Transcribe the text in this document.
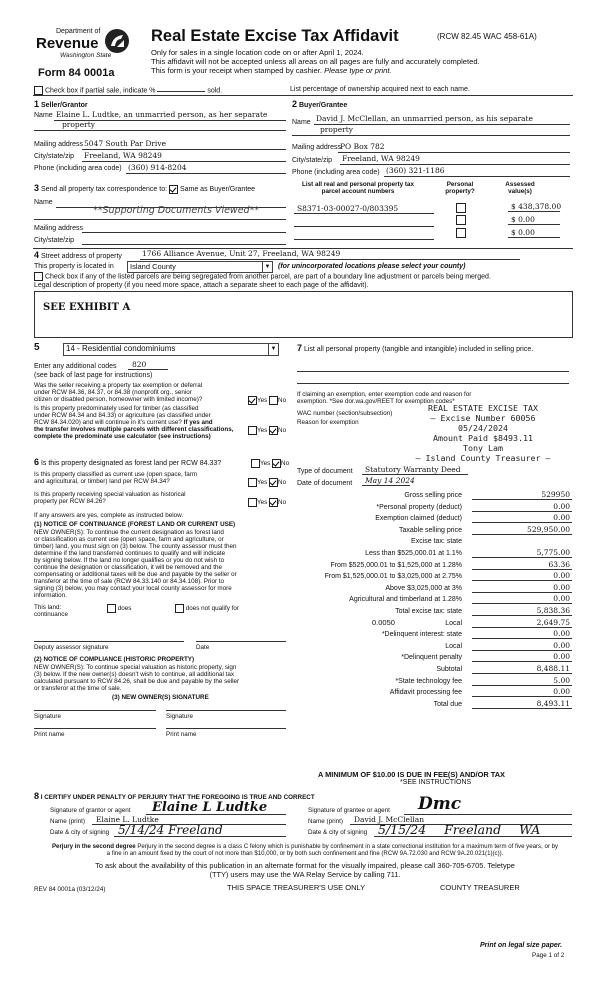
Department of
Revenue
Washington State
Form 84 0001a
Real Estate Excise Tax Affidavit	(RCW 82.45 WAC 458-61A)
Only for sales in a single location code on or after April 1, 2024.
This affidavit will not be accepted unless all areas on all pages are fully and accurately completed.
This form is your receipt when stamped by cashier. Please type or print.
Check box if partial sale, indicate %	sold.	List percentage of ownership acquired next to each name.
1 Seller/Grantor
Name Elaine L. Ludtke, an unmarried person, as her separate
property
Mailing address 5047 South Par Drive
City/state/zip Freeland, WA 98249
Phone (including area code) (360) 914-8204
2 Buyer/Grantee
Name David J. McClellan, an unmarried person, as his separate
property
Mailing address
PO Box 782
City/state/zip Freeland, WA 98249
Phone (including area code) (360) 321-1186
3 Send all property tax correspondence to: Same as Buyer/Grantee
Name
**Supporting Documents Viewed**
Mailing address
City/state/zip
List all real and personal property tax
parcel account numbers
Personal
property?
Assessed
value(s)
S8371-03-00027-0/803395	$ 438,378.00
$ 0.00
$ 0.00
4 Street address of property	1766 Alliance Avenue, Unit 27, Freeland, WA 98249
This property is located in	Island County	▼ (for unincorporated locations please select your county)
Check box if any of the listed parcels are being segregated from another parcel, are part of a boundary line adjustment or parcels being merged.
Legal description of property (if you need more space, attach a separate sheet to each page of the affidavit).
SEE EXHIBIT A
5	14 - Residential condominiums	▼
Enter any additional codes 820
(see back of last page for instructions)
Was the seller receiving a property tax exemption or deferral
under RCW 84.36, 84.37, or 84.38 (nonprofit org., senior
citizen or disabled person, homeowner with limited income)?	Yes No
Is this property predominately used for timber (as classified
under RCW 84.34 and 84.33) or agriculture (as classified under
RCW 84.34.020) and will continue in it's current use? If yes and
the transfer involves multiple parcels with different classifications,
complete the predominate use calculator (see instructions)
Yes No
6 Is this property designated as forest land per RCW 84.33?	Yes No
Is this property classified as current use (open space, farm
and agricultural, or timber) land per RCW 84.34?	Yes No
Is this property receiving special valuation as historical
property per RCW 84.26?	Yes No
If any answers are yes, complete as instructed below.
(1) NOTICE OF CONTINUANCE (FOREST LAND OR CURRENT USE)
NEW OWNER(S): To continue the current designation as forest land
or classification as current use (open space, farm and agriculture, or
timber) land, you must sign on (3) below. The county assessor must then
determine if the land transferred continues to qualify and will indicate
by signing below. If the land no longer qualifies or you do not wish to
continue the designation or classification, it will be removed and the
compensating or additional taxes will be due and payable by the seller or
transferor at the time of sale (RCW 84.33.140 or 84.34.108). Prior to
signing (3) below, you may contact your local county assessor for more
information.
This land:
continuance
does	does not qualify for
Deputy assessor signature	Date
(2) NOTICE OF COMPLIANCE (HISTORIC PROPERTY)
NEW OWNER(S): To continue special valuation as historic property, sign
(3) below. If the new owner(s) doesn't wish to continue, all additional tax
calculated pursuant to RCW 84.26, shall be due and payable by the seller
or transferor at the time of sale.
(3) NEW OWNER(S) SIGNATURE
Signature	Signature
Print name	Print name
7 List all personal property (tangible and intangible) included in selling price.
If claiming an exemption, enter exemption code and reason for
exemption. *See dor.wa.gov/REET for exemption codes*
WAC number (section/subsection)
Reason for exemption
REAL ESTATE EXCISE TAX
— Excise Number 60056
05/24/2024
Amount Paid $8493.11
Tony Lam
— Island County Treasurer —
Type of document Statutory Warranty Deed
Date of document May 14 2024
Gross selling price	529950
*Personal property (deduct)	0.00
Exemption claimed (deduct)	0.00
Taxable selling price	529,950.00
Excise tax: state
Less than $525,000.01 at 1.1%	5,775.00
From $525,000.01 to $1,525,000 at 1.28%	63.36
From $1,525,000.01 to $3,025,000 at 2.75%	0.00
Above $3,025,000 at 3%	0.00
Agricultural and timberland at 1.28%	0.00
Total excise tax: state	5,838.36
Local	2,649.75
0.0050
*Delinquent interest: state	0.00
Local	0.00
*Delinquent penalty	0.00
Subtotal	8,488.11
*State technology fee	5.00
Affidavit processing fee	0.00
Total due	8,493.11
A MINIMUM OF $10.00 IS DUE IN FEE(S) AND/OR TAX
*SEE INSTRUCTIONS
8 I CERTIFY UNDER PENALTY OF PERJURY THAT THE FOREGOING IS TRUE AND CORRECT
Signature of grantor or agent Elaine L Ludtke
Name (print) Elaine L. Ludtke
Date & city of signing 5/14/24 Freeland
Signature of grantee or agent Dmc
Name (print) David J. McClellan
Date & city of signing 5/15/24 Freeland WA
Perjury in the second degree Perjury in the second degree is a class C felony which is punishable by confinement in a state correctional institution for a maximum term of five years, or by
a fine in an amount fixed by the court of not more than $10,000, or by both such confinement and fine (RCW 9A.72.030 and RCW 9A.20.021(1)(c)).
To ask about the availability of this publication in an alternate format for the visually impaired, please call 360-705-6705. Teletype
(TTY) users may use the WA Relay Service by calling 711.
REV 84 0001a (03/12/24)	THIS SPACE TREASURER'S USE ONLY	COUNTY TREASURER
Print on legal size paper.
Page 1 of 2
